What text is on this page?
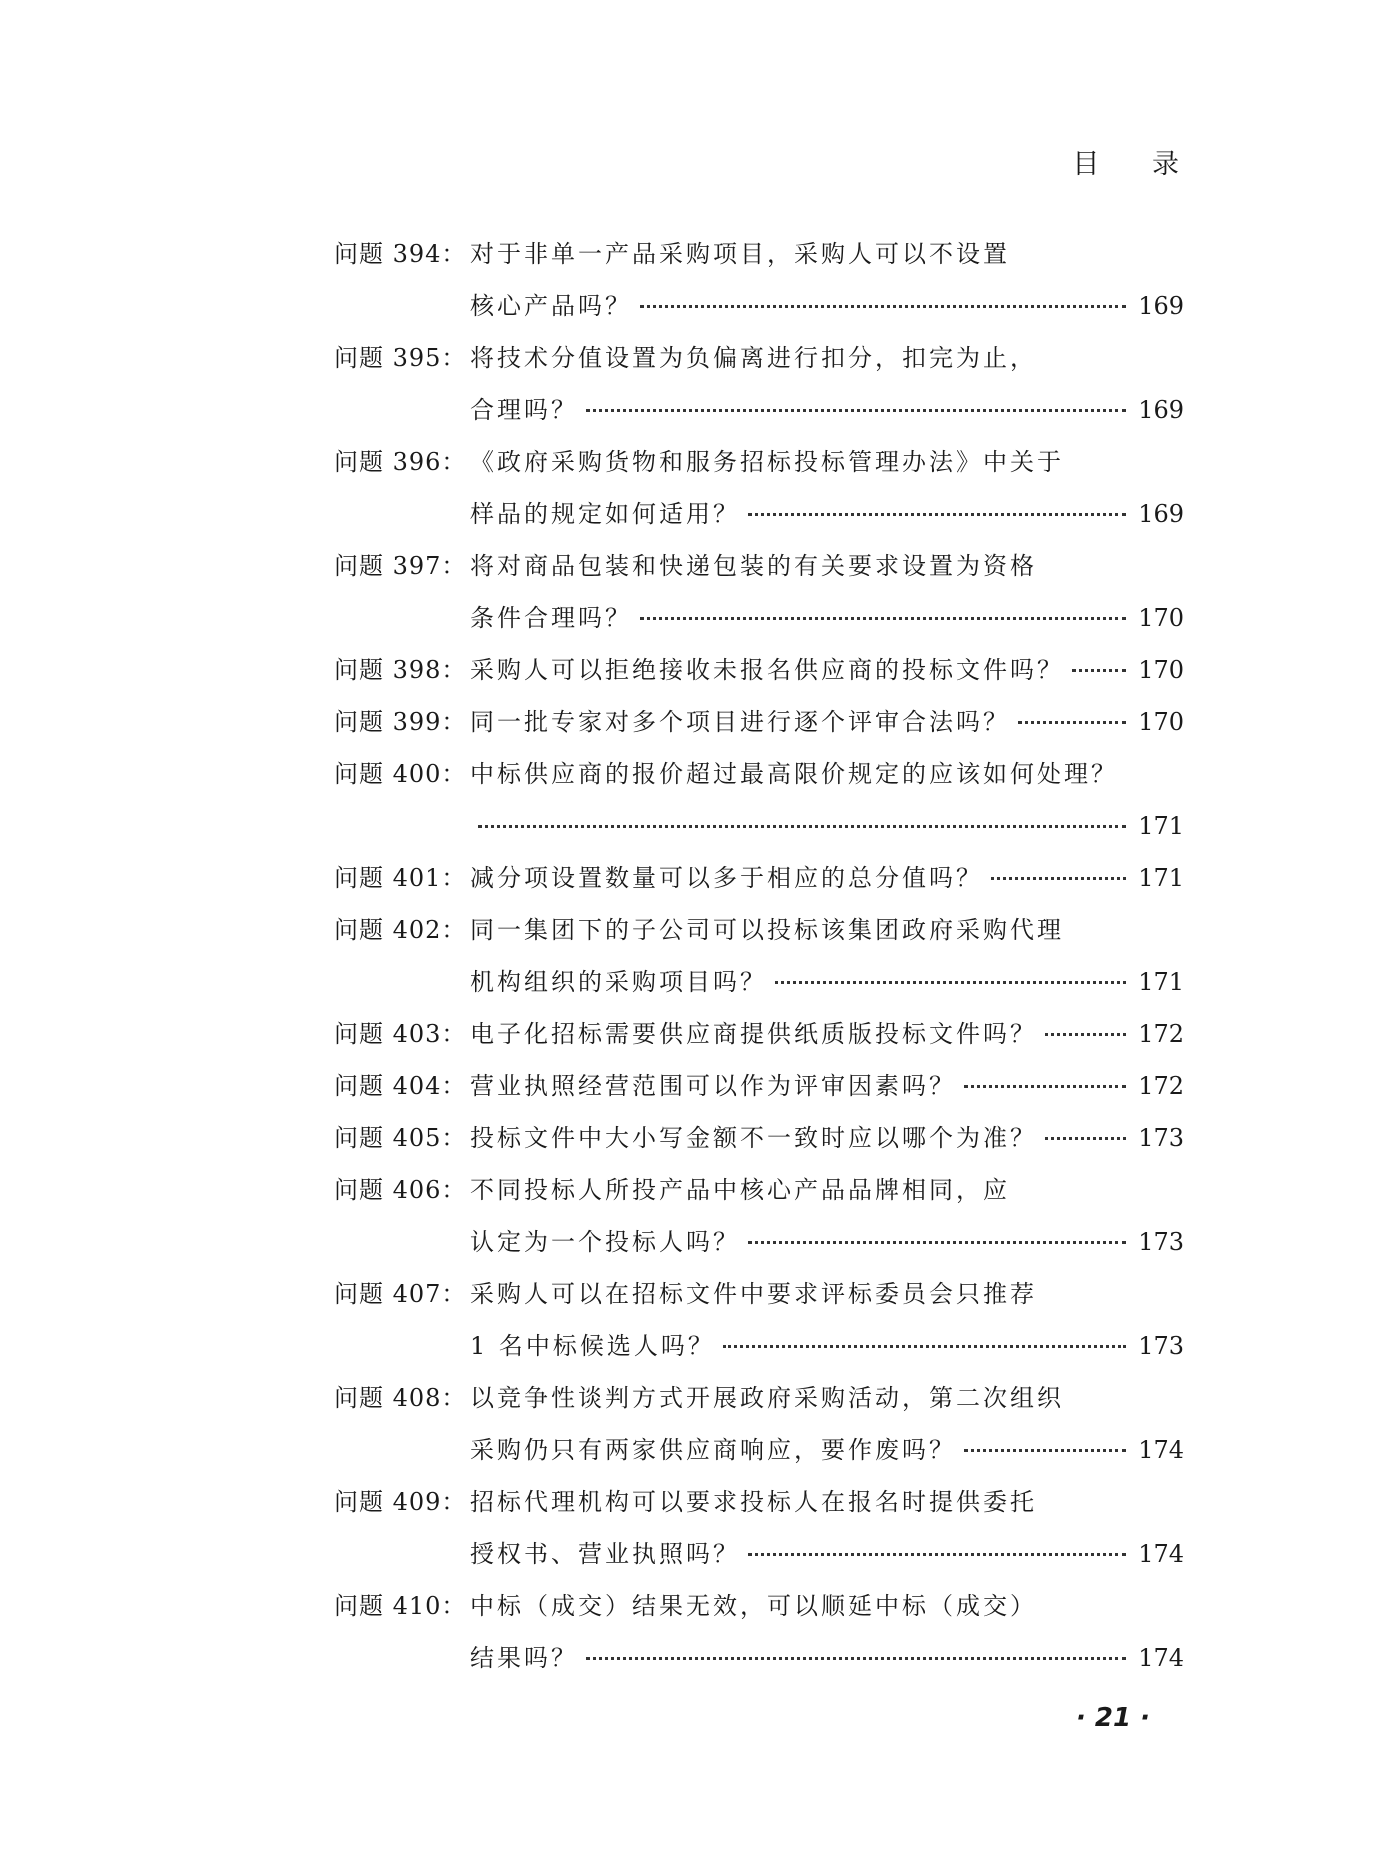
目 录
问题 394： 对于非单一产品采购项目，采购人可以不设置
核心产品吗？	169
问题 395： 将技术分值设置为负偏离进行扣分，扣完为止，
合理吗？	169
问题 396： 《政府采购货物和服务招标投标管理办法》中关于
样品的规定如何适用？	169
问题 397： 将对商品包装和快递包装的有关要求设置为资格
条件合理吗？	170
问题 398： 采购人可以拒绝接收未报名供应商的投标文件吗？	170
问题 399： 同一批专家对多个项目进行逐个评审合法吗？	170
问题 400： 中标供应商的报价超过最高限价规定的应该如何处理？
171
问题 401： 减分项设置数量可以多于相应的总分值吗？	171
问题 402： 同一集团下的子公司可以投标该集团政府采购代理
机构组织的采购项目吗？	171
问题 403： 电子化招标需要供应商提供纸质版投标文件吗？	172
问题 404： 营业执照经营范围可以作为评审因素吗？	172
问题 405： 投标文件中大小写金额不一致时应以哪个为准？	173
问题 406： 不同投标人所投产品中核心产品品牌相同，应
认定为一个投标人吗？	173
问题 407： 采购人可以在招标文件中要求评标委员会只推荐
1 名中标候选人吗？	173
问题 408： 以竞争性谈判方式开展政府采购活动，第二次组织
采购仍只有两家供应商响应，要作废吗？	174
问题 409： 招标代理机构可以要求投标人在报名时提供委托
授权书、营业执照吗？	174
问题 410： 中标（成交）结果无效，可以顺延中标（成交）
结果吗？	174
· 21 ·
